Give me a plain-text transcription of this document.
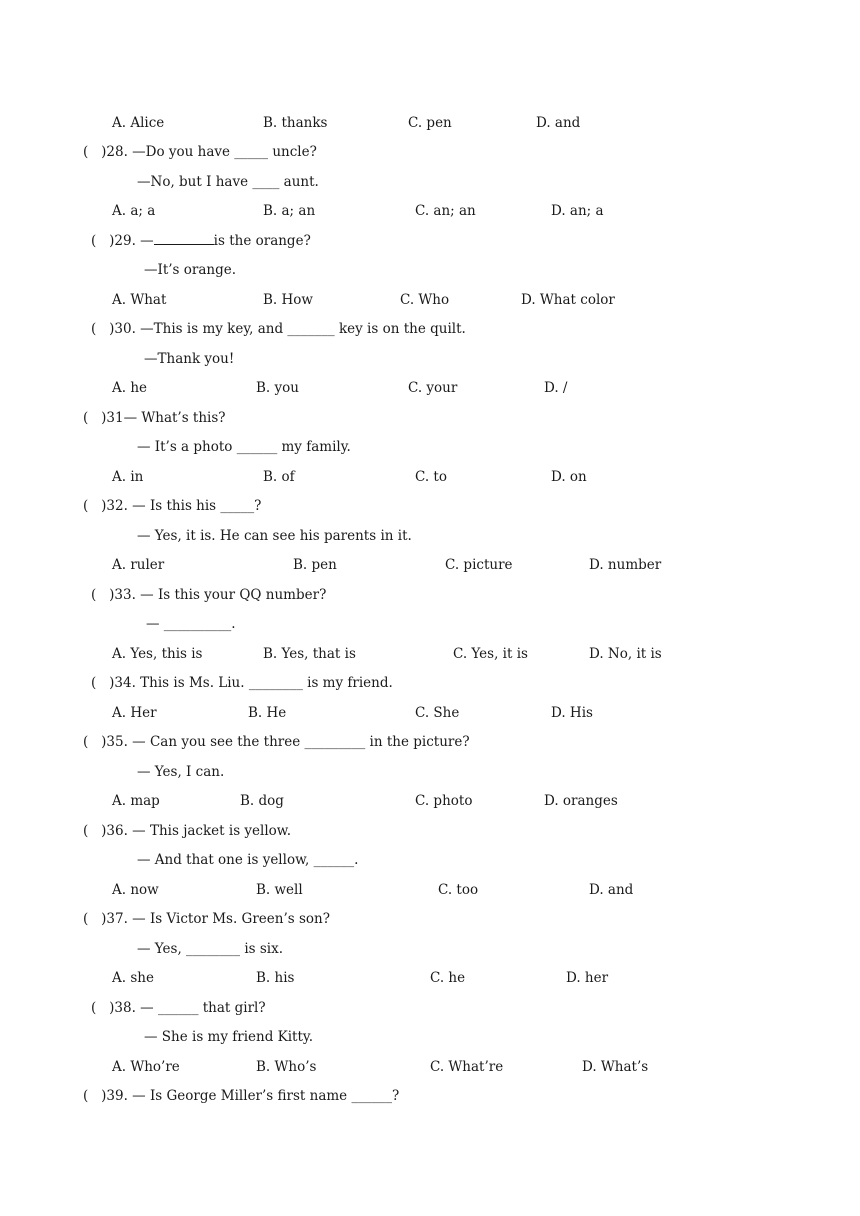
A. Alice	B. thanks	C. pen	D. and
(   )28. —Do you have _____ uncle?
—No, but I have ____ aunt.
A. a; a	B. a; an	C. an; an	D. an; a
(   )29. —	is the orange?
—It’s orange.
A. What	B. How	C. Who	D. What color
(   )30. —This is my key, and _______ key is on the quilt.
—Thank you!
A. he	B. you	C. your	D. /
(   )31— What’s this?
— It’s a photo ______ my family.
A. in	B. of	C. to	D. on
(   )32. — Is this his _____?
— Yes, it is. He can see his parents in it.
A. ruler	B. pen	C. picture	D. number
(   )33. — Is this your QQ number?
— __________.
A. Yes, this is	B. Yes, that is	C. Yes, it is	D. No, it is
(   )34. This is Ms. Liu. ________ is my friend.
A. Her	B. He	C. She	D. His
(   )35. — Can you see the three _________ in the picture?
— Yes, I can.
A. map	B. dog	C. photo	D. oranges
(   )36. — This jacket is yellow.
— And that one is yellow, ______.
A. now	B. well	C. too	D. and
(   )37. — Is Victor Ms. Green’s son?
— Yes, ________ is six.
A. she	B. his	C. he	D. her
(   )38. — ______ that girl?
— She is my friend Kitty.
A. Who’re	B. Who’s	C. What’re	D. What’s
(   )39. — Is George Miller’s first name ______?
